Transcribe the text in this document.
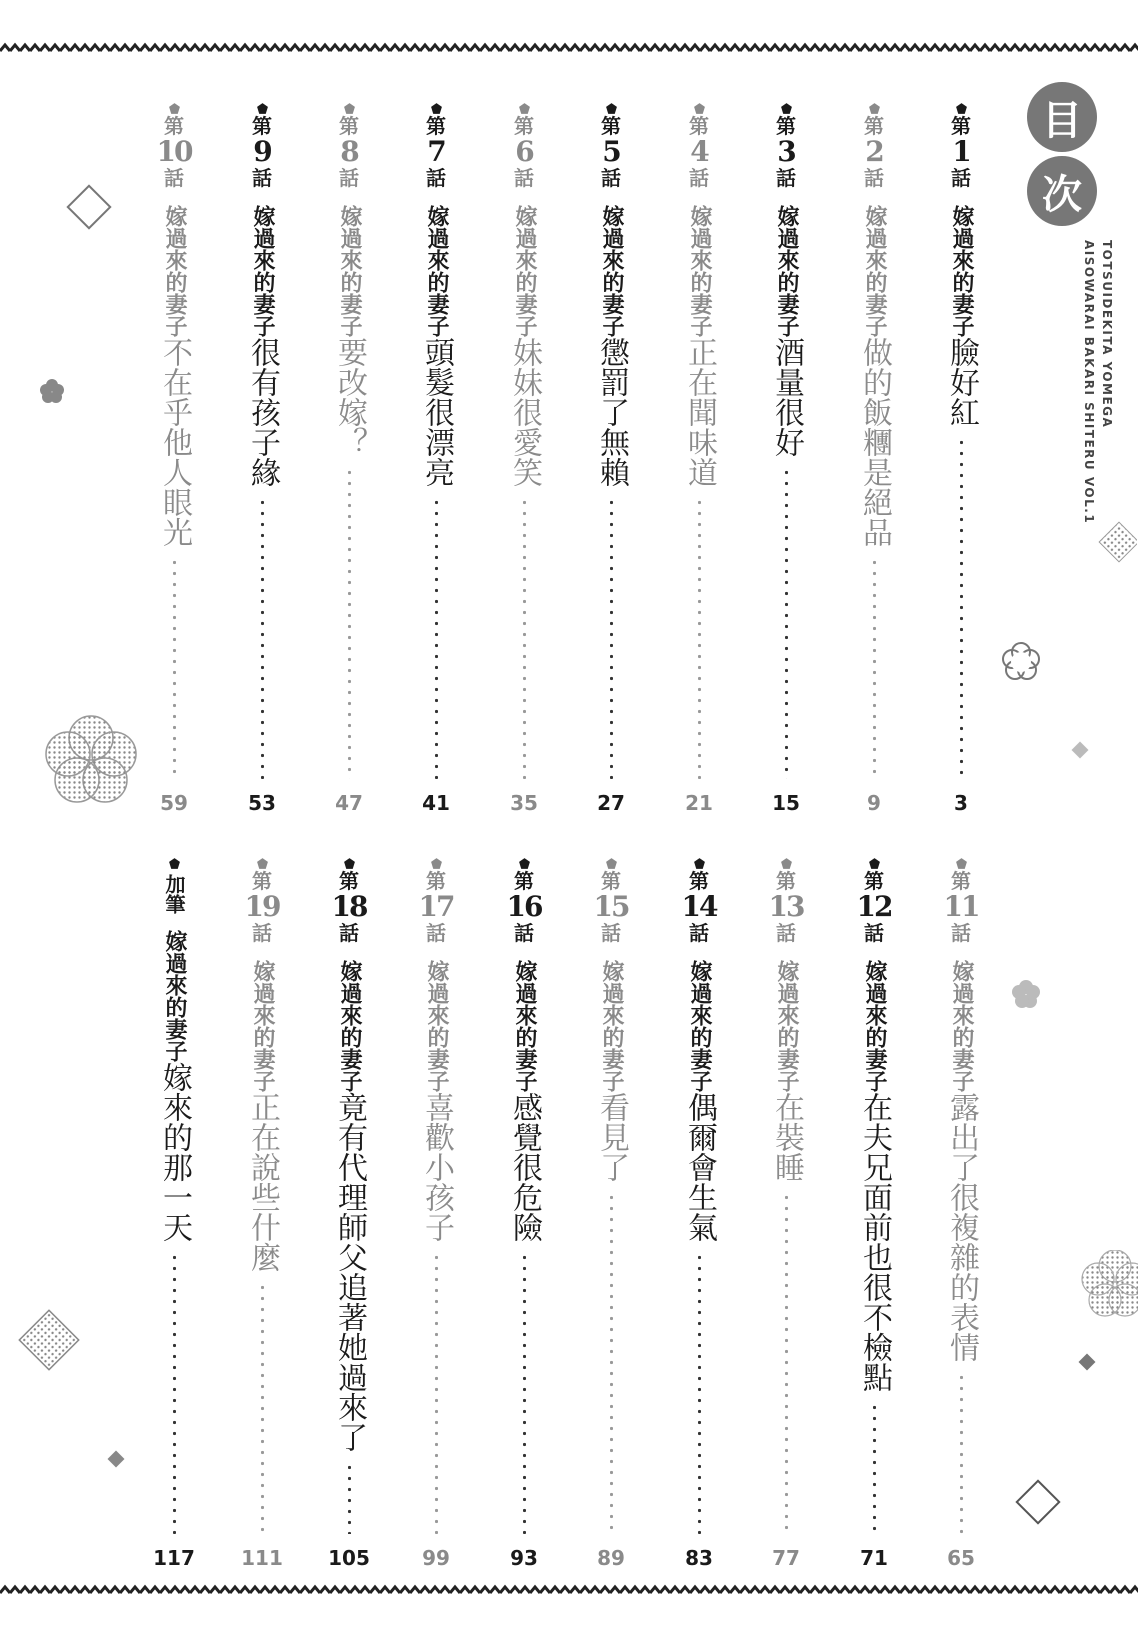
目
次
TOTSUIDEKITA YOMEGA
AISOWARAI BAKARI SHITERU VOL.1
第
1
話
嫁過來的妻子臉好紅
3
第
2
話
嫁過來的妻子做的飯糰是絕品
9
第
3
話
嫁過來的妻子酒量很好
15
第
4
話
嫁過來的妻子正在聞味道
21
第
5
話
嫁過來的妻子懲罰了無賴
27
第
6
話
嫁過來的妻子妹妹很愛笑
35
第
7
話
嫁過來的妻子頭髮很漂亮
41
第
8
話
嫁過來的妻子要改嫁？
47
第
9
話
嫁過來的妻子很有孩子緣
53
第
10
話
嫁過來的妻子不在乎他人眼光
59
第
11
話
嫁過來的妻子露出了很複雜的表情
65
第
12
話
嫁過來的妻子在夫兄面前也很不檢點
71
第
13
話
嫁過來的妻子在裝睡
77
第
14
話
嫁過來的妻子偶爾會生氣
83
第
15
話
嫁過來的妻子看見了
89
第
16
話
嫁過來的妻子感覺很危險
93
第
17
話
嫁過來的妻子喜歡小孩子
99
第
18
話
嫁過來的妻子竟有代理師父追著她過來了
105
第
19
話
嫁過來的妻子正在說些什麼
111
加筆
嫁過來的妻子嫁來的那一天
117
